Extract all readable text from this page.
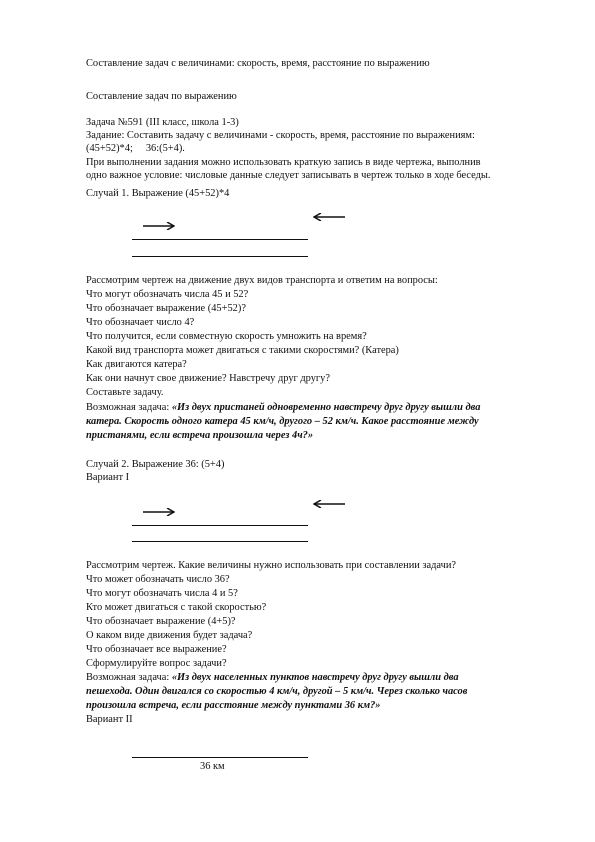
Составление задач с величинами: скорость, время, расстояние по выражению

Составление задач по выражению

Задача №591 (III класс, школа 1-3)

Задание: Составить задачу с величинами - скорость, время, расстояние по выражениям:

(45+52)*4;     36:(5+4).

При выполнении задания можно использовать краткую запись в виде чертежа, выполнив

одно важное условие: числовые данные следует записывать в чертеж только в ходе беседы.

Случай 1. Выражение (45+52)*4

Рассмотрим чертеж на движение двух видов транспорта и ответим на вопросы:

Что могут обозначать числа 45 и 52?

Что обозначает выражение (45+52)?

Что обозначает число 4?

Что получится, если совместную скорость умножить на время?

Какой вид транспорта может двигаться с такими скоростями? (Катера)

Как двигаются катера?

Как они начнут свое движение? Навстречу друг другу?

Составьте задачу.

Возможная задача: «Из двух пристаней одновременно навстречу друг другу вышли два

катера. Скорость одного катера 45 км/ч, другого – 52 км/ч. Какое расстояние между

пристанями, если встреча произошла через 4ч?»

Случай 2. Выражение 36: (5+4)

Вариант I

Рассмотрим чертеж. Какие величины нужно использовать при составлении задачи?

Что может обозначать число 36?

Что могут обозначать числа 4 и 5?

Кто может двигаться с такой скоростью?

Что обозначает выражение (4+5)?

О каком виде движения будет задача?

Что обозначает все выражение?

Сформулируйте вопрос задачи?

Возможная задача: «Из двух населенных пунктов навстречу друг другу вышли два

пешехода. Один двигался со скоростью 4 км/ч, другой – 5 км/ч. Через сколько часов

произошла встреча, если расстояние между пунктами 36 км?»

Вариант II

36 км
